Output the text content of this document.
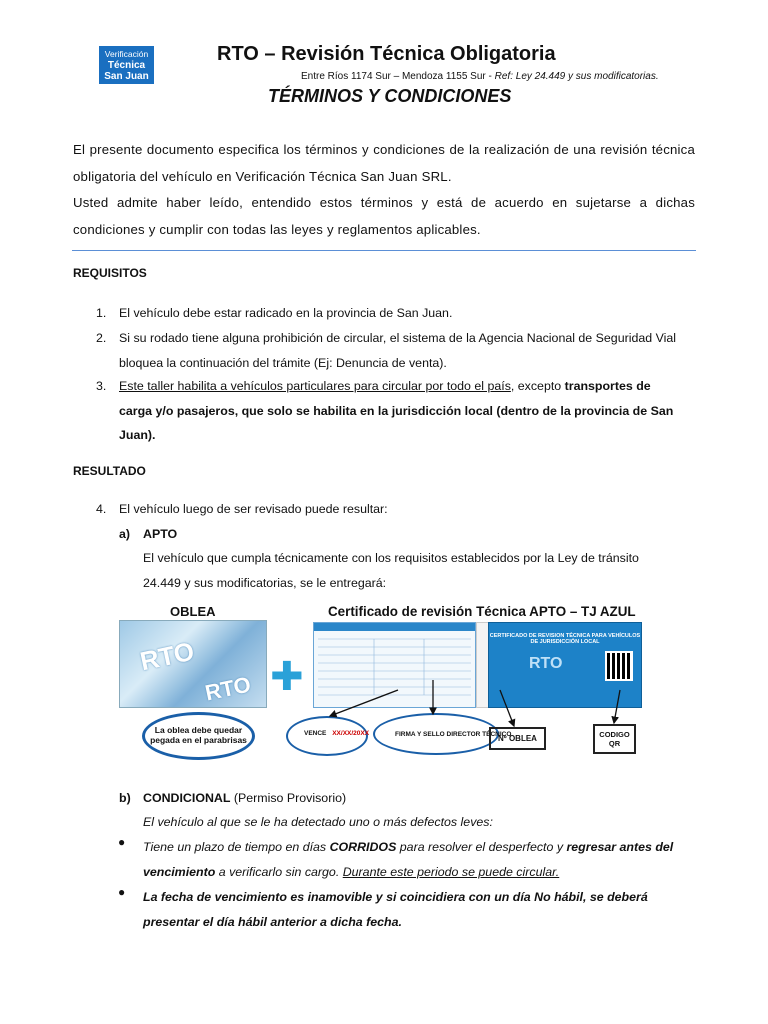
Verificación
Técnica
San Juan
RTO – Revisión Técnica Obligatoria
Entre Ríos 1174 Sur – Mendoza 1155 Sur - Ref: Ley 24.449 y sus modificatorias.
TÉRMINOS Y CONDICIONES
El presente documento especifica los términos y condiciones de la realización de una revisión técnica obligatoria del vehículo en Verificación Técnica San Juan SRL.
Usted admite haber leído, entendido estos términos y está de acuerdo en sujetarse a dichas condiciones y cumplir con todas las leyes y reglamentos aplicables.
REQUISITOS
1.	El vehículo debe estar radicado en la provincia de San Juan.
2.	Si su rodado tiene alguna prohibición de circular, el sistema de la Agencia Nacional de Seguridad Vial bloquea la continuación del trámite (Ej: Denuncia de venta).
3.	Este taller habilita a vehículos particulares para circular por todo el país, excepto transportes de carga y/o pasajeros, que solo se habilita en la jurisdicción local (dentro de la provincia de San Juan).
RESULTADO
4.	El vehículo luego de ser revisado puede resultar:
a) APTO
El vehículo que cumpla técnicamente con los requisitos establecidos por la Ley de tránsito 24.449 y sus modificatorias, se le entregará:
OBLEA	Certificado de revisión Técnica APTO – TJ AZUL
RTO
RTO ✚
CERTIFICADO DE REVISION TÉCNICA PARA VEHÍCULOS DE JURISDICCIÓN LOCAL
RTO
La oblea debe quedar pegada en el parabrisas
VENCE XX/XX/20XX	FIRMA Y SELLO DIRECTOR TÉCNICO
Nº OBLEA	CODIGO QR
b) CONDICIONAL (Permiso Provisorio)
El vehículo al que se le ha detectado uno o más defectos leves:
● Tiene un plazo de tiempo en días CORRIDOS para resolver el desperfecto y regresar antes del vencimiento a verificarlo sin cargo. Durante este periodo se puede circular.
● La fecha de vencimiento es inamovible y si coincidiera con un día No hábil, se deberá presentar el día hábil anterior a dicha fecha.
